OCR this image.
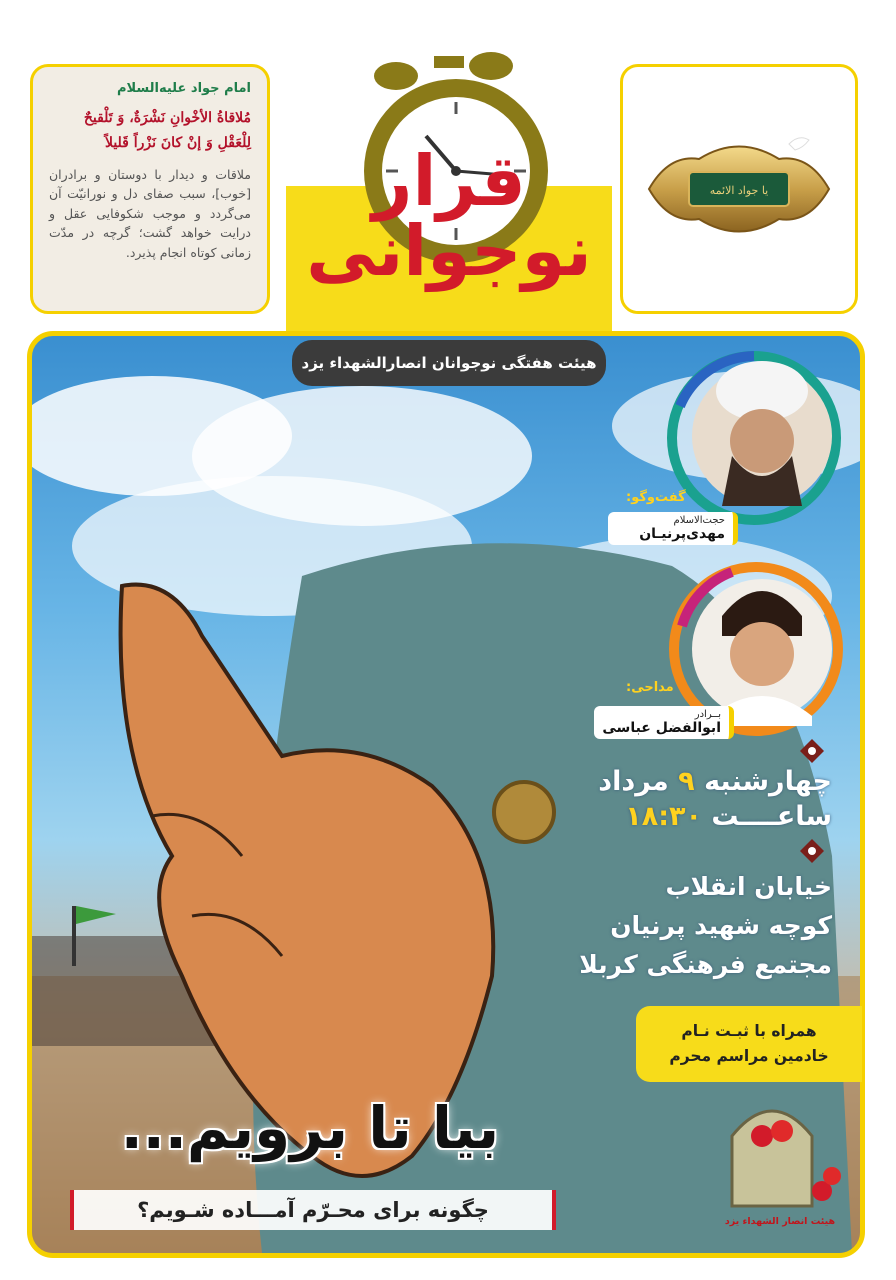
امام جواد علیه‌السلام
مُلاقاةُ الأخْوانِ نَشْرَةٌ، وَ تَلْقیحٌ لِلْعَقْلِ وَ إنْ کانَ نَزْراً قَلیلاً
ملاقات و دیدار با دوستان و برادران [خوب]، سبب صفای دل و نورانیّت آن می‌گردد و موجب شکوفایی عقل و درایت خواهد گشت؛ گرچه در مدّت زمانی کوتاه انجام پذیرد.
یا جواد الائمه
قرار نوجوانی
هیئت هفتگی نوجوانان انصارالشهداء یزد
گفت‌وگو:
حجت‌الاسلام
مهدی‌پرنیـان
مداحی:
بــرادر
ابوالفضل عباسی
چهارشنبه ۹ مرداد
ساعــــت ۱۸:۳۰
خیابان انقلاب
کوچه شهید پرنیان
مجتمع فرهنگی کربلا
همراه با ثبـت نـام
خادمین مراسم محرم
بیا تا برویم...
چگونه برای محـرّم آمـــاده شـویم؟	هیئت انصار الشهداء یزد
